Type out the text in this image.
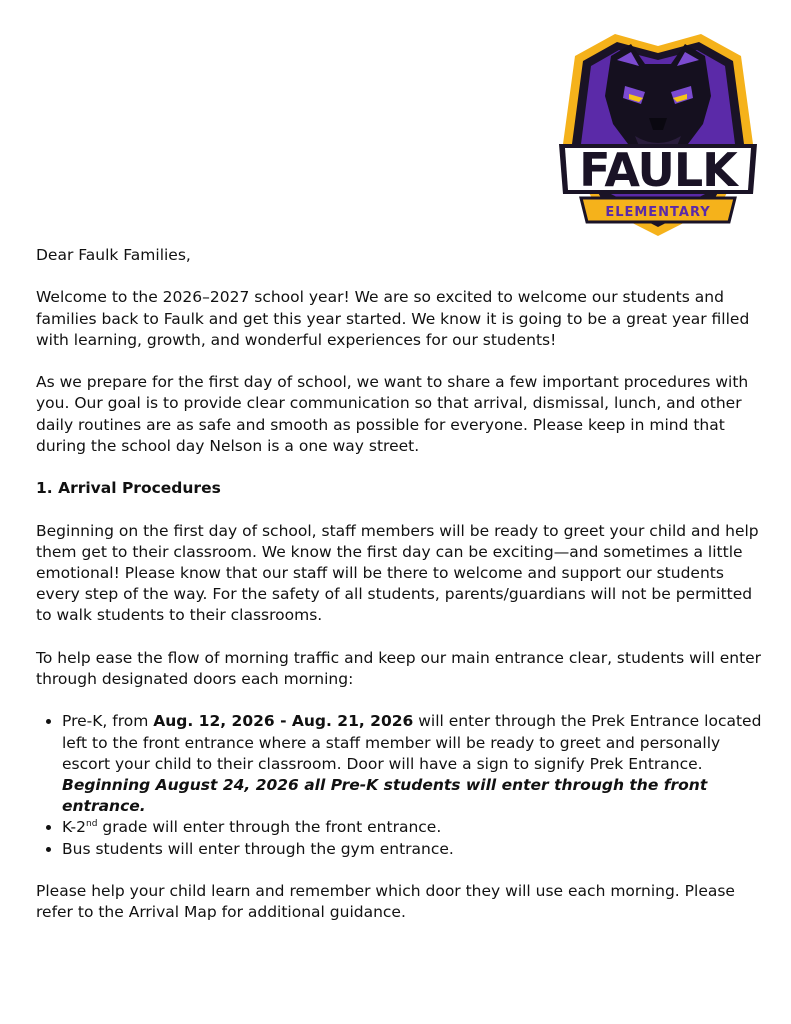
FAULK
ELEMENTARY

Dear Faulk Families,

Welcome to the 2026–2027 school year! We are so excited to welcome our students and families back to Faulk and get this year started. We know it is going to be a great year filled with learning, growth, and wonderful experiences for our students!

As we prepare for the first day of school, we want to share a few important procedures with you. Our goal is to provide clear communication so that arrival, dismissal, lunch, and other daily routines are as safe and smooth as possible for everyone. Please keep in mind that during the school day Nelson is a one way street.

1. Arrival Procedures

Beginning on the first day of school, staff members will be ready to greet your child and help them get to their classroom. We know the first day can be exciting—and sometimes a little emotional! Please know that our staff will be there to welcome and support our students every step of the way. For the safety of all students, parents/guardians will not be permitted to walk students to their classrooms.

To help ease the flow of morning traffic and keep our main entrance clear, students will enter through designated doors each morning:

• Pre-K, from Aug. 12, 2026 - Aug. 21, 2026 will enter through the Prek Entrance located left to the front entrance where a staff member will be ready to greet and personally escort your child to their classroom. Door will have a sign to signify Prek Entrance. Beginning August 24, 2026 all Pre-K students will enter through the front entrance.
• K-2nd grade will enter through the front entrance.
• Bus students will enter through the gym entrance.

Please help your child learn and remember which door they will use each morning. Please refer to the Arrival Map for additional guidance.
